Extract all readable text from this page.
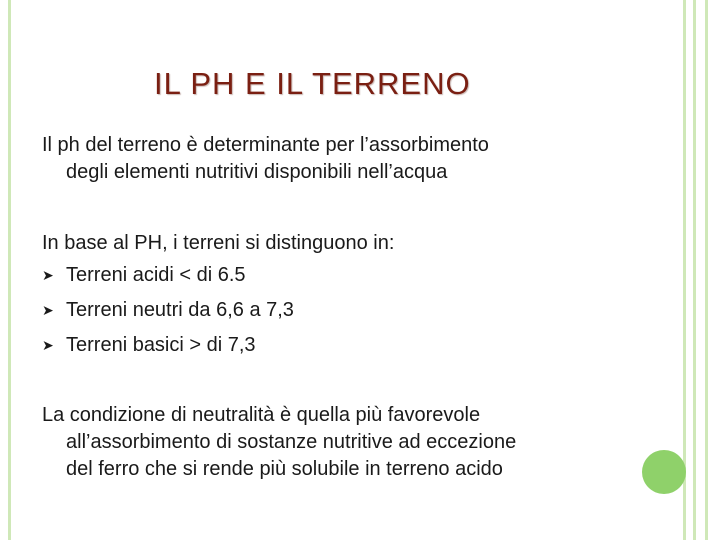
IL PH E IL TERRENO

Il ph del terreno è determinante per l’assorbimento
degli elementi nutritivi disponibili nell’acqua

In base al PH, i terreni si distinguono in:

➤ Terreni acidi < di 6.5
➤ Terreni neutri da 6,6 a 7,3
➤ Terreni basici > di 7,3

La condizione di neutralità è quella più favorevole
all’assorbimento di sostanze nutritive ad eccezione
del ferro che si rende più solubile in terreno acido
